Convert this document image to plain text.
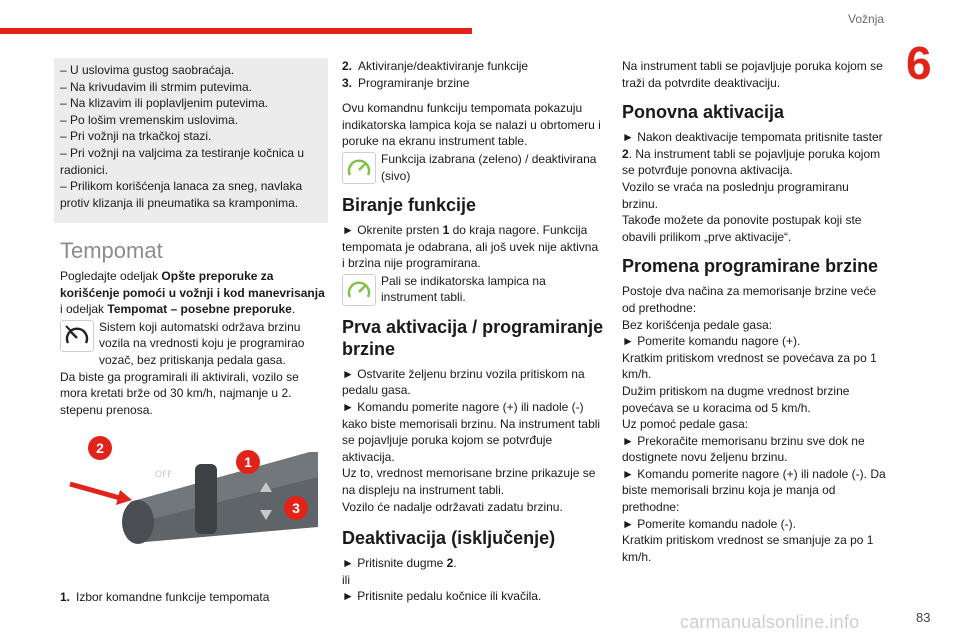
Vožnja
6

– U uslovima gustog saobraćaja.

– Na krivudavim ili strmim putevima.

– Na klizavim ili poplavljenim putevima.

– Po lošim vremenskim uslovima.

– Pri vožnji na trkačkoj stazi.

– Pri vožnji na valjcima za testiranje kočnica u radionici.

– Prilikom korišćenja lanaca za sneg, navlaka protiv klizanja ili pneumatika sa kramponima.

Tempomat

Pogledajte odeljak Opšte preporuke za korišćenje pomoći u vožnji i kod manevrisanja i odeljak Tempomat – posebne preporuke.

Sistem koji automatski održava brzinu vozila na vrednosti koju je programirao vozač, bez pritiskanja pedala gasa.

Da biste ga programirali ili aktivirali, vozilo se mora kretati brže od 30 km/h, najmanje u 2. stepenu prenosa.

OFF
2
1
3
1. Izbor komandne funkcije tempomata
2. Aktiviranje/deaktiviranje funkcije
3. Programiranje brzine

Ovu komandnu funkciju tempomata pokazuju indikatorska lampica koja se nalazi u obrtomeru i poruke na ekranu instrument table.

Funkcija izabrana (zeleno) / deaktivirana (sivo)

Biranje funkcije

► Okrenite prsten 1 do kraja nagore. Funkcija tempomata je odabrana, ali još uvek nije aktivna i brzina nije programirana.

Pali se indikatorska lampica na instrument tabli.

Prva aktivacija / programiranje brzine

► Ostvarite željenu brzinu vozila pritiskom na pedalu gasa.

► Komandu pomerite nagore (+) ili nadole (-) kako biste memorisali brzinu. Na instrument tabli se pojavljuje poruka kojom se potvrđuje aktivacija.

Uz to, vrednost memorisane brzine prikazuje se na displeju na instrument tabli.

Vozilo će nadalje održavati zadatu brzinu.

Deaktivacija (isključenje)

► Pritisnite dugme 2.

ili

► Pritisnite pedalu kočnice ili kvačila.

Na instrument tabli se pojavljuje poruka kojom se traži da potvrdite deaktivaciju.

Ponovna aktivacija

► Nakon deaktivacije tempomata pritisnite taster 2. Na instrument tabli se pojavljuje poruka kojom se potvrđuje ponovna aktivacija.

Vozilo se vraća na poslednju programiranu brzinu.

Takođe možete da ponovite postupak koji ste obavili prilikom „prve aktivacije“.

Promena programirane brzine

Postoje dva načina za memorisanje brzine veće od prethodne:

Bez korišćenja pedale gasa:

► Pomerite komandu nagore (+).

Kratkim pritiskom vrednost se povećava za po 1 km/h.

Dužim pritiskom na dugme vrednost brzine povećava se u koracima od 5 km/h.

Uz pomoć pedale gasa:

► Prekoračite memorisanu brzinu sve dok ne dostignete novu željenu brzinu.

► Komandu pomerite nagore (+) ili nadole (-). Da biste memorisali brzinu koja je manja od prethodne:

► Pomerite komandu nadole (-).

Kratkim pritiskom vrednost se smanjuje za po 1 km/h.

carmanualsonline.info	83
